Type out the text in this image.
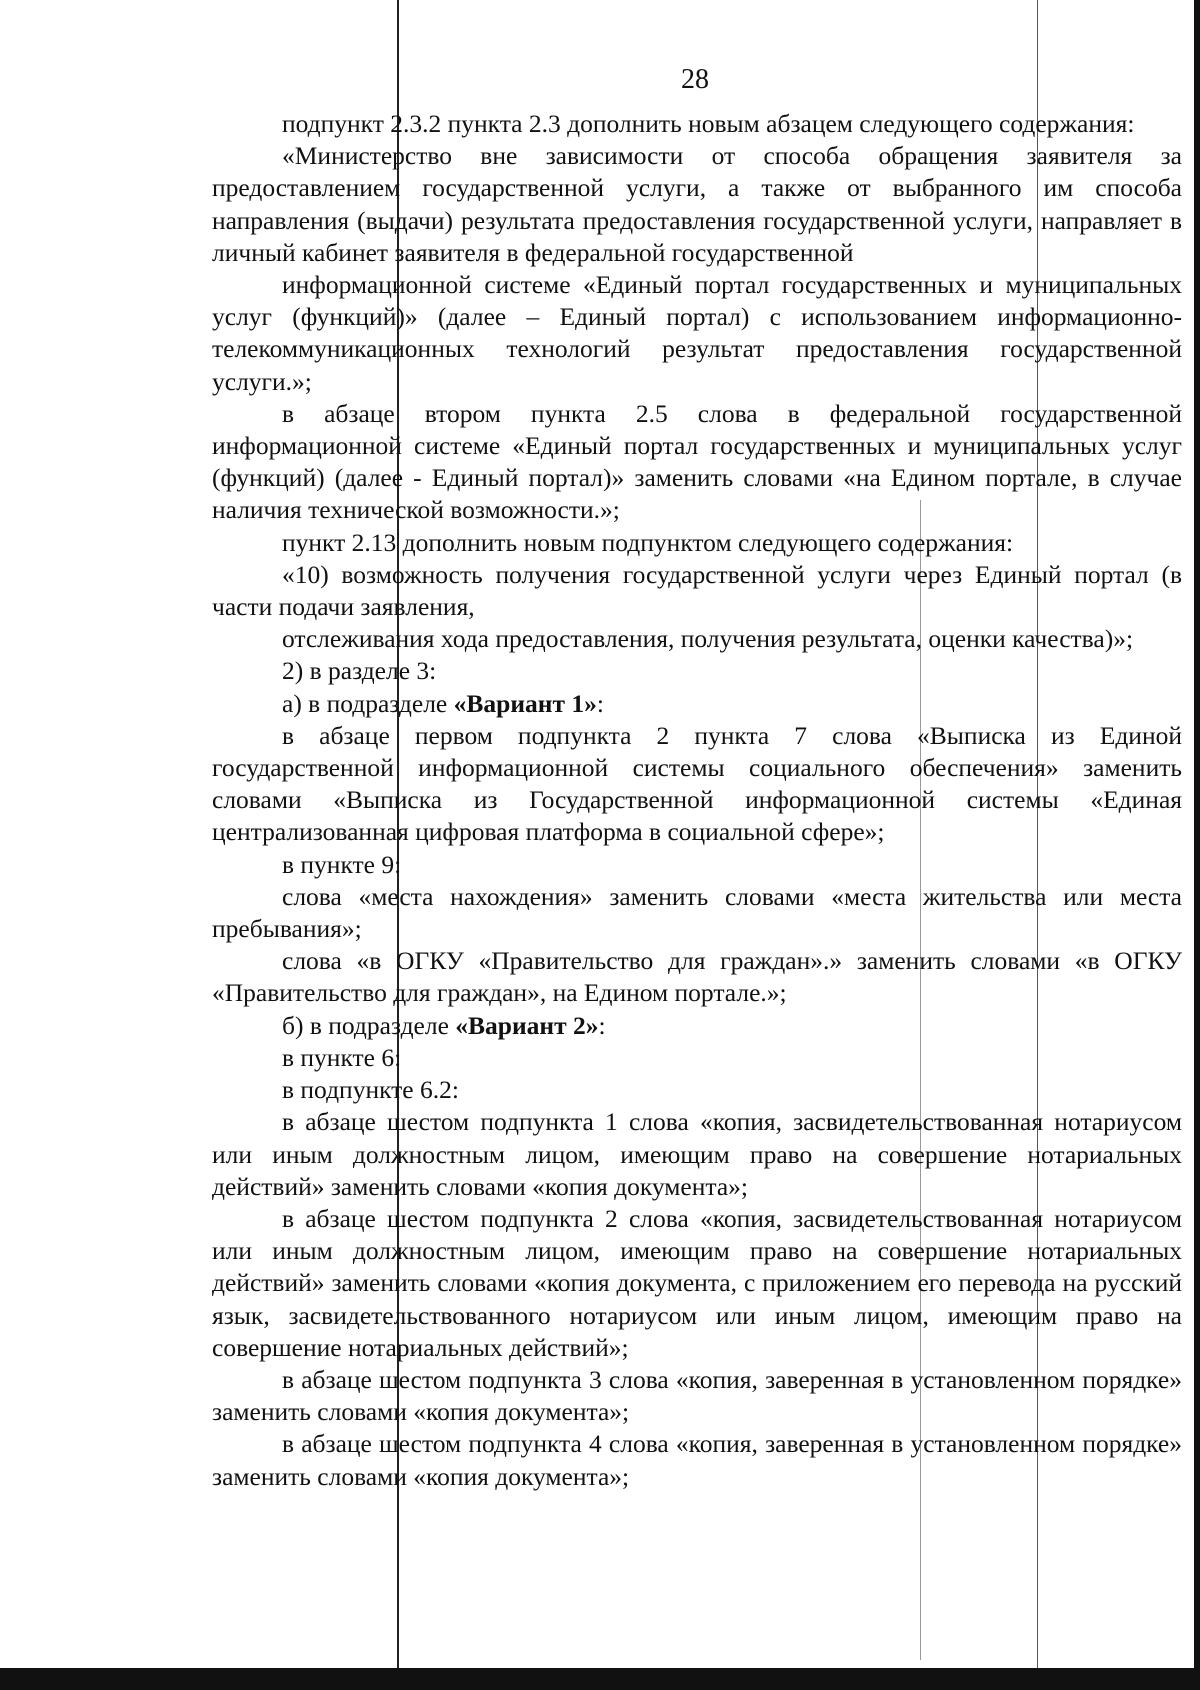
28

подпункт 2.3.2 пункта 2.3 дополнить новым абзацем следующего содержания:

«Министерство вне зависимости от способа обращения заявителя за предоставлением государственной услуги, а также от выбранного им способа направления (выдачи) результата предоставления государственной услуги, направляет в личный кабинет заявителя в федеральной государственной

информационной системе «Единый портал государственных и муниципальных услуг (функций)» (далее – Единый портал) с использованием информационно-телекоммуникационных технологий результат предоставления государственной услуги.»;

в абзаце втором пункта 2.5 слова в федеральной государственной информационной системе «Единый портал государственных и муниципальных услуг (функций) (далее - Единый портал)» заменить словами «на Едином портале, в случае наличия технической возможности.»;

пункт 2.13 дополнить новым подпунктом следующего содержания:

«10) возможность получения государственной услуги через Единый портал (в части подачи заявления,

отслеживания хода предоставления, получения результата, оценки качества)»;

2) в разделе 3:

а) в подразделе «Вариант 1»:

в абзаце первом подпункта 2 пункта 7 слова «Выписка из Единой государственной информационной системы социального обеспечения» заменить словами «Выписка из Государственной информационной системы «Единая централизованная цифровая платформа в социальной сфере»;

в пункте 9:

слова «места нахождения» заменить словами «места жительства или места пребывания»;

слова «в ОГКУ «Правительство для граждан».» заменить словами «в ОГКУ «Правительство для граждан», на Едином портале.»;

б) в подразделе «Вариант 2»:

в пункте 6:

в подпункте 6.2:

в абзаце шестом подпункта 1 слова «копия, засвидетельствованная нотариусом или иным должностным лицом, имеющим право на совершение нотариальных действий» заменить словами «копия документа»;

в абзаце шестом подпункта 2 слова «копия, засвидетельствованная нотариусом или иным должностным лицом, имеющим право на совершение нотариальных действий» заменить словами «копия документа, с приложением его перевода на русский язык, засвидетельствованного нотариусом или иным лицом, имеющим право на совершение нотариальных действий»;

в абзаце шестом подпункта 3 слова «копия, заверенная в установленном порядке» заменить словами «копия документа»;

в абзаце шестом подпункта 4 слова «копия, заверенная в установленном порядке» заменить словами «копия документа»;
